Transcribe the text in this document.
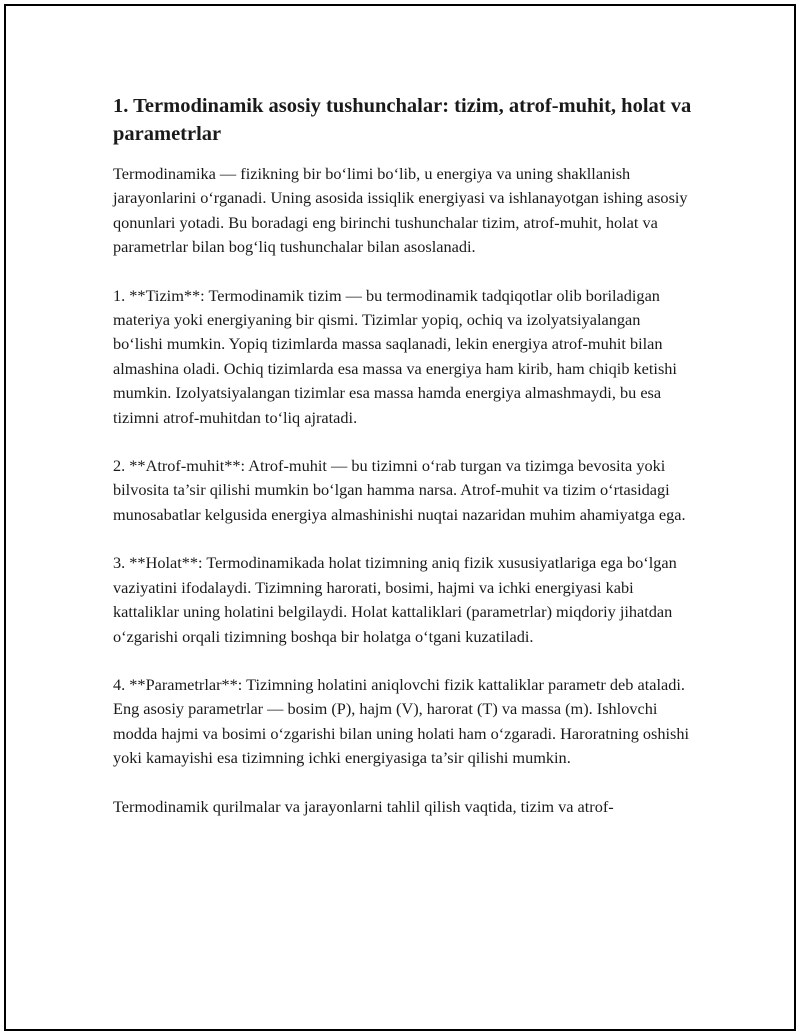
1. Termodinamik asosiy tushunchalar: tizim, atrof-muhit, holat va parametrlar

Termodinamika — fizikning bir bo‘limi bo‘lib, u energiya va uning shakllanish jarayonlarini o‘rganadi. Uning asosida issiqlik energiyasi va ishlanayotgan ishing asosiy qonunlari yotadi. Bu boradagi eng birinchi tushunchalar tizim, atrof-muhit, holat va parametrlar bilan bog‘liq tushunchalar bilan asoslanadi.

1. **Tizim**: Termodinamik tizim — bu termodinamik tadqiqotlar olib boriladigan materiya yoki energiyaning bir qismi. Tizimlar yopiq, ochiq va izolyatsiyalangan bo‘lishi mumkin. Yopiq tizimlarda massa saqlanadi, lekin energiya atrof-muhit bilan almashina oladi. Ochiq tizimlarda esa massa va energiya ham kirib, ham chiqib ketishi mumkin. Izolyatsiyalangan tizimlar esa massa hamda energiya almashmaydi, bu esa tizimni atrof-muhitdan to‘liq ajratadi.

2. **Atrof-muhit**: Atrof-muhit — bu tizimni o‘rab turgan va tizimga bevosita yoki bilvosita ta’sir qilishi mumkin bo‘lgan hamma narsa. Atrof-muhit va tizim o‘rtasidagi munosabatlar kelgusida energiya almashinishi nuqtai nazaridan muhim ahamiyatga ega.

3. **Holat**: Termodinamikada holat tizimning aniq fizik xususiyatlariga ega bo‘lgan vaziyatini ifodalaydi. Tizimning harorati, bosimi, hajmi va ichki energiyasi kabi kattaliklar uning holatini belgilaydi. Holat kattaliklari (parametrlar) miqdoriy jihatdan o‘zgarishi orqali tizimning boshqa bir holatga o‘tgani kuzatiladi.

4. **Parametrlar**: Tizimning holatini aniqlovchi fizik kattaliklar parametr deb ataladi. Eng asosiy parametrlar — bosim (P), hajm (V), harorat (T) va massa (m). Ishlovchi modda hajmi va bosimi o‘zgarishi bilan uning holati ham o‘zgaradi. Haroratning oshishi yoki kamayishi esa tizimning ichki energiyasiga ta’sir qilishi mumkin.

Termodinamik qurilmalar va jarayonlarni tahlil qilish vaqtida, tizim va atrof-
